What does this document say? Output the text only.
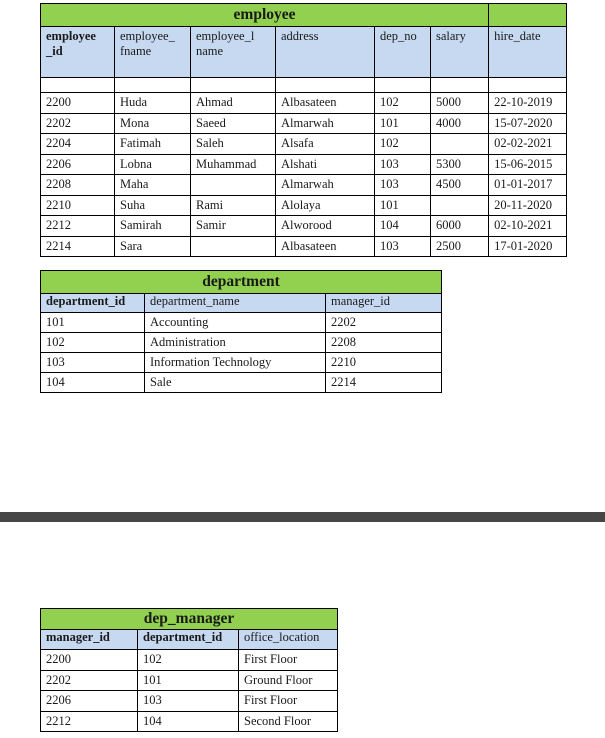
employee						
employee _id	employee_ fname	employee_l name	address	dep_no	salary	hire_date

2200	Huda	Ahmad	Albasateen	102	5000	22-10-2019
2202	Mona	Saeed	Almarwah	101	4000	15-07-2020
2204	Fatimah	Saleh	Alsafa	102		02-02-2021
2206	Lobna	Muhammad	Alshati	103	5300	15-06-2015
2208	Maha		Almarwah	103	4500	01-01-2017
2210	Suha	Rami	Alolaya	101		20-11-2020
2212	Samirah	Samir	Alworood	104	6000	02-10-2021
2214	Sara		Albasateen	103	2500	17-01-2020
department		
department_id	department_name	manager_id
101	Accounting	2202
102	Administration	2208
103	Information Technology	2210
104	Sale	2214
dep_manager		
manager_id	department_id	office_location
2200	102	First Floor
2202	101	Ground Floor
2206	103	First Floor
2212	104	Second Floor
